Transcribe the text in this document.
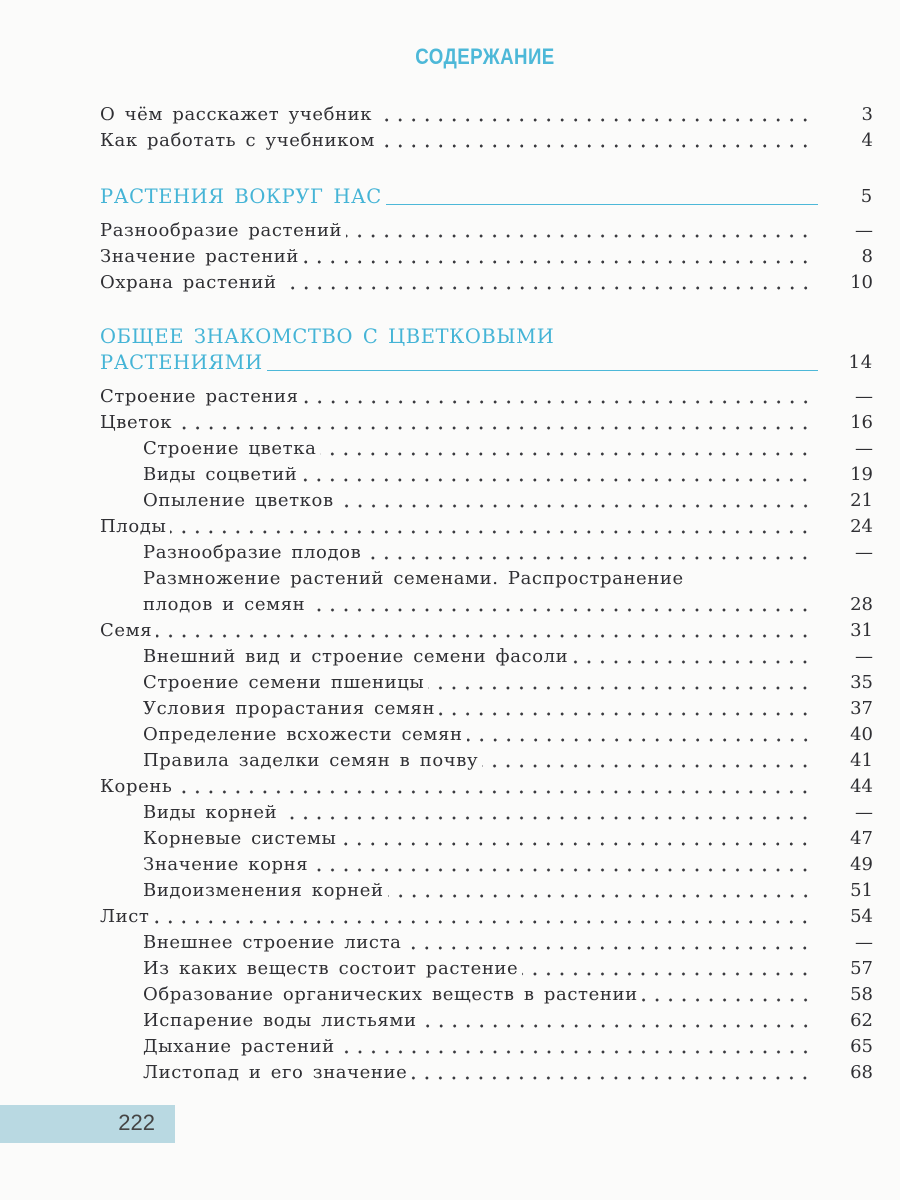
СОДЕРЖАНИЕ
О чём расскажет учебник	3
Как работать с учебником	4
РАСТЕНИЯ ВОКРУГ НАС	5
Разнообразие растений	—
Значение растений	8
Охрана растений	10
ОБЩЕЕ ЗНАКОМСТВО С ЦВЕТКОВЫМИ
РАСТЕНИЯМИ	14
Строение растения	—
Цветок	16
Строение цветка	—
Виды соцветий	19
Опыление цветков	21
Плоды	24
Разнообразие плодов	—
Размножение растений семенами. Распространение
плодов и семян	28
Семя	31
Внешний вид и строение семени фасоли	—
Строение семени пшеницы	35
Условия прорастания семян	37
Определение всхожести семян	40
Правила заделки семян в почву	41
Корень	44
Виды корней	—
Корневые системы	47
Значение корня	49
Видоизменения корней	51
Лист	54
Внешнее строение листа	—
Из каких веществ состоит растение	57
Образование органических веществ в растении	58
Испарение воды листьями	62
Дыхание растений	65
Листопад и его значение	68
222
